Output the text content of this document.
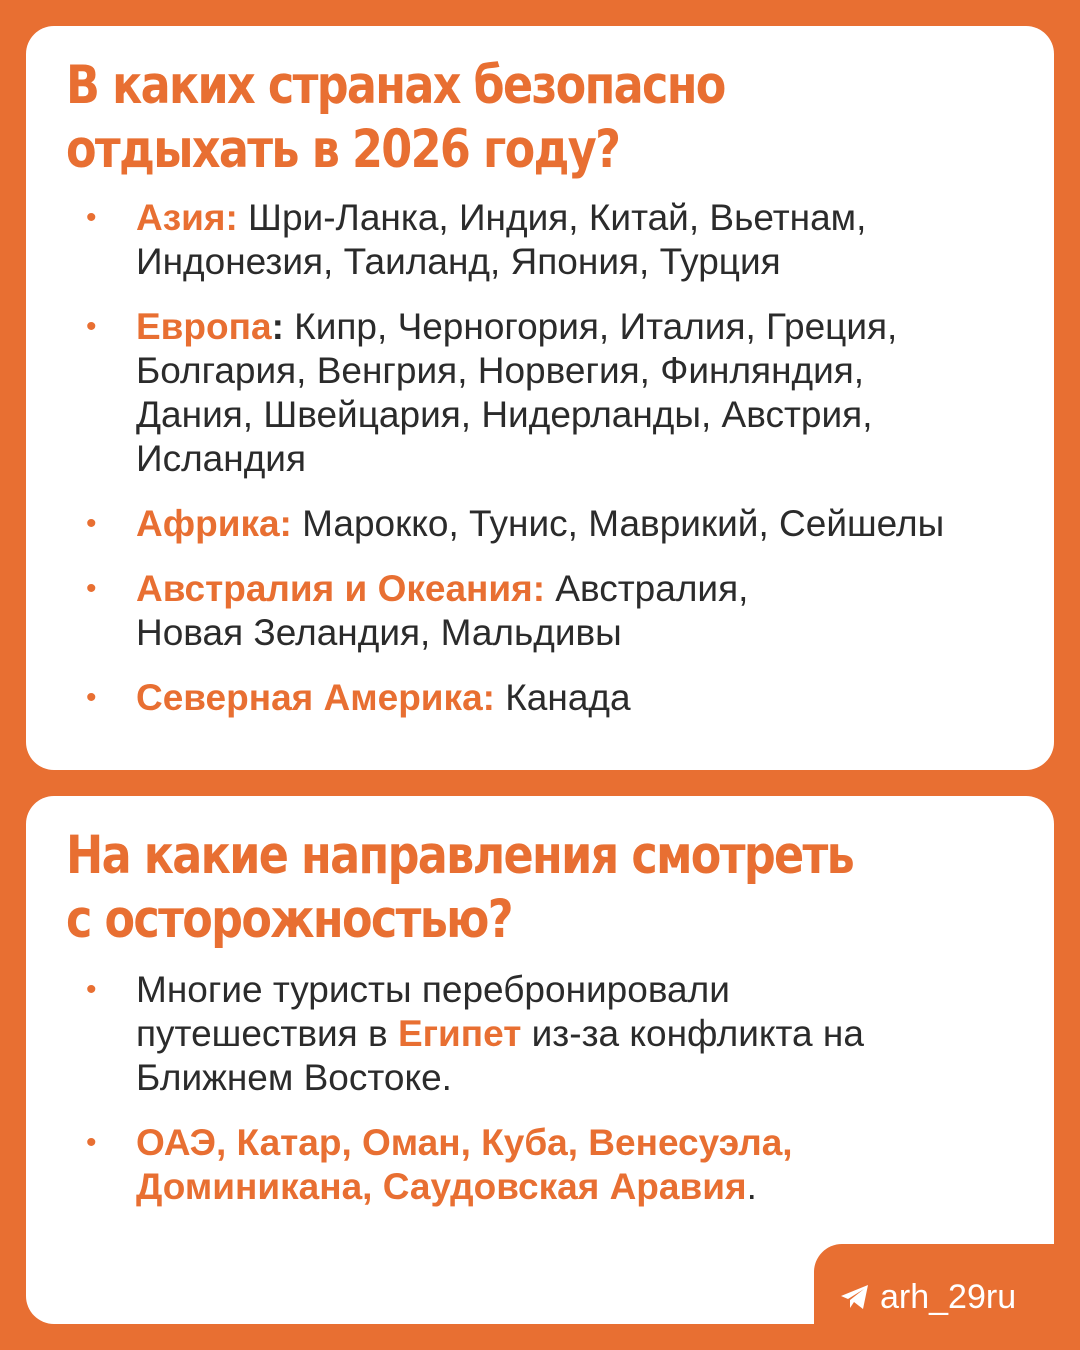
В каких странах безопасно
отдыхать в 2026 году?
• Азия: Шри-Ланка, Индия, Китай, Вьетнам, Индонезия, Таиланд, Япония, Турция
• Европа: Кипр, Черногория, Италия, Греция, Болгария, Венгрия, Норвегия, Финляндия, Дания, Швейцария, Нидерланды, Австрия, Исландия
• Африка: Марокко, Тунис, Маврикий, Сейшелы
• Австралия и Океания: Австралия, Новая Зеландия, Мальдивы
• Северная Америка: Канада
На какие направления смотреть
с осторожностью?
• Многие туристы перебронировали путешествия в Египет из-за конфликта на Ближнем Востоке.
• ОАЭ, Катар, Оман, Куба, Венесуэла, Доминикана, Саудовская Аравия.
arh_29ru
